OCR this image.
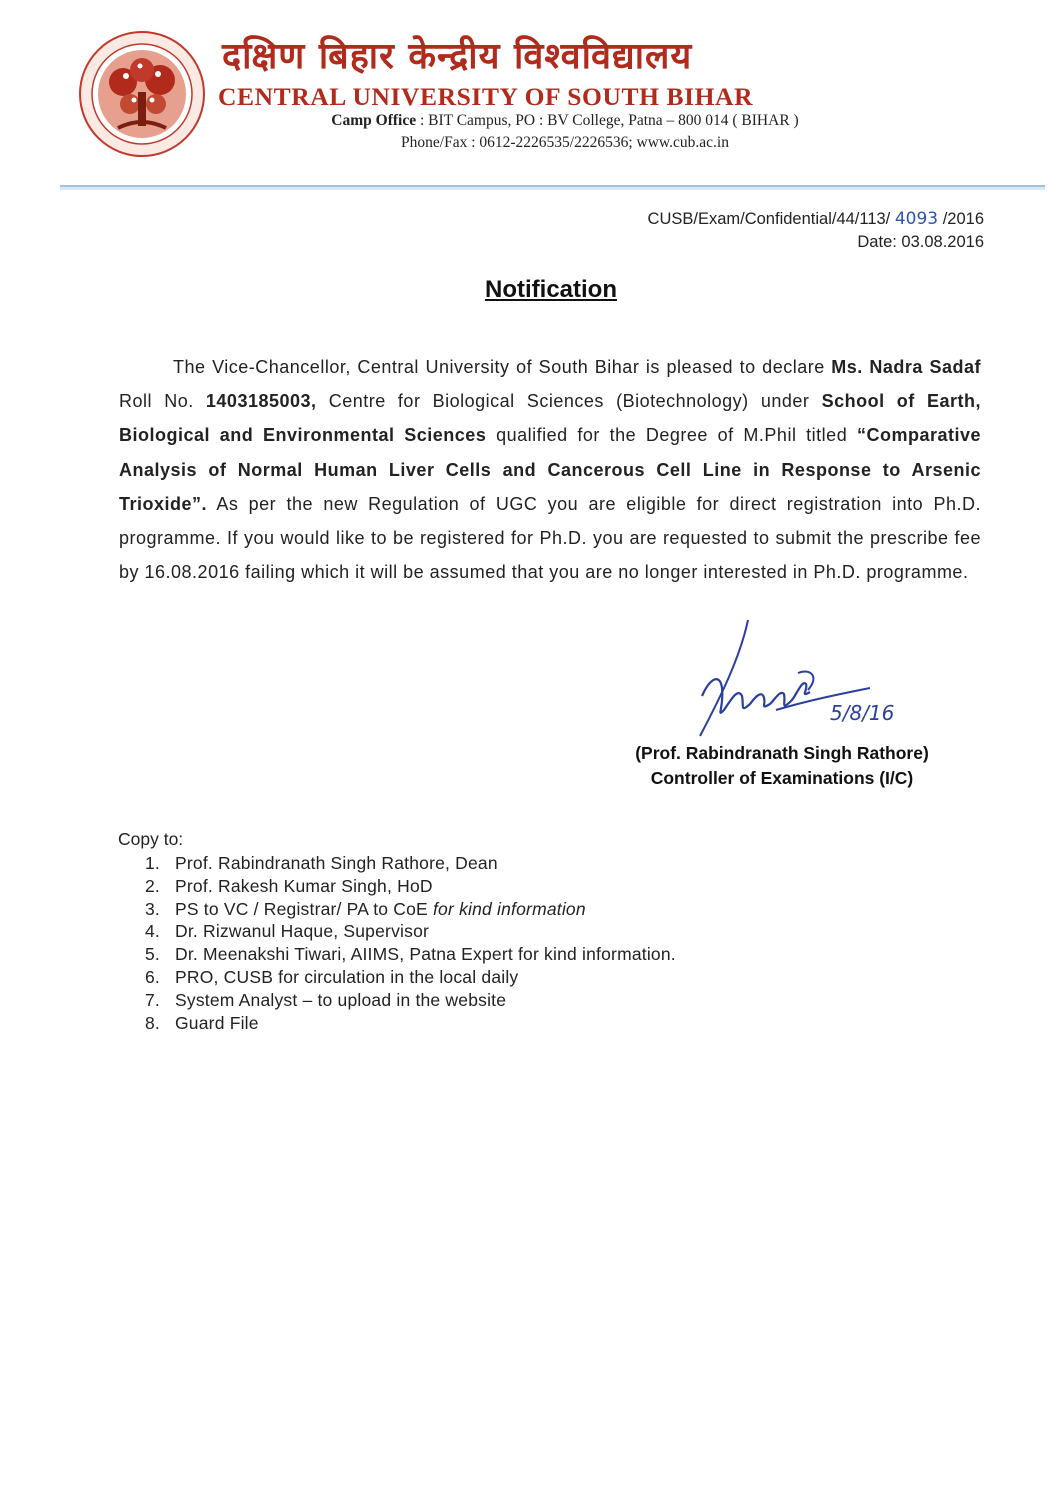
दक्षिण बिहार केन्द्रीय विश्वविद्यालय
CENTRAL UNIVERSITY OF SOUTH BIHAR
Camp Office : BIT Campus, PO : BV College, Patna – 800 014 ( BIHAR )
Phone/Fax : 0612-2226535/2226536; www.cub.ac.in
CUSB/Exam/Confidential/44/113/ 4093 /2016
Date: 03.08.2016
Notification
The Vice-Chancellor, Central University of South Bihar is pleased to declare Ms. Nadra Sadaf Roll No. 1403185003, Centre for Biological Sciences (Biotechnology) under School of Earth, Biological and Environmental Sciences qualified for the Degree of M.Phil titled “Comparative Analysis of Normal Human Liver Cells and Cancerous Cell Line in Response to Arsenic Trioxide”. As per the new Regulation of UGC you are eligible for direct registration into Ph.D. programme. If you would like to be registered for Ph.D. you are requested to submit the prescribe fee by 16.08.2016 failing which it will be assumed that you are no longer interested in Ph.D. programme.
5/8/16
(Prof. Rabindranath Singh Rathore)
Controller of Examinations (I/C)
Copy to:
1. Prof. Rabindranath Singh Rathore, Dean
2. Prof. Rakesh Kumar Singh, HoD
3. PS to VC / Registrar/ PA to CoE for kind information
4. Dr. Rizwanul Haque, Supervisor
5. Dr. Meenakshi Tiwari, AIIMS, Patna Expert for kind information.
6. PRO, CUSB for circulation in the local daily
7. System Analyst – to upload in the website
8. Guard File
